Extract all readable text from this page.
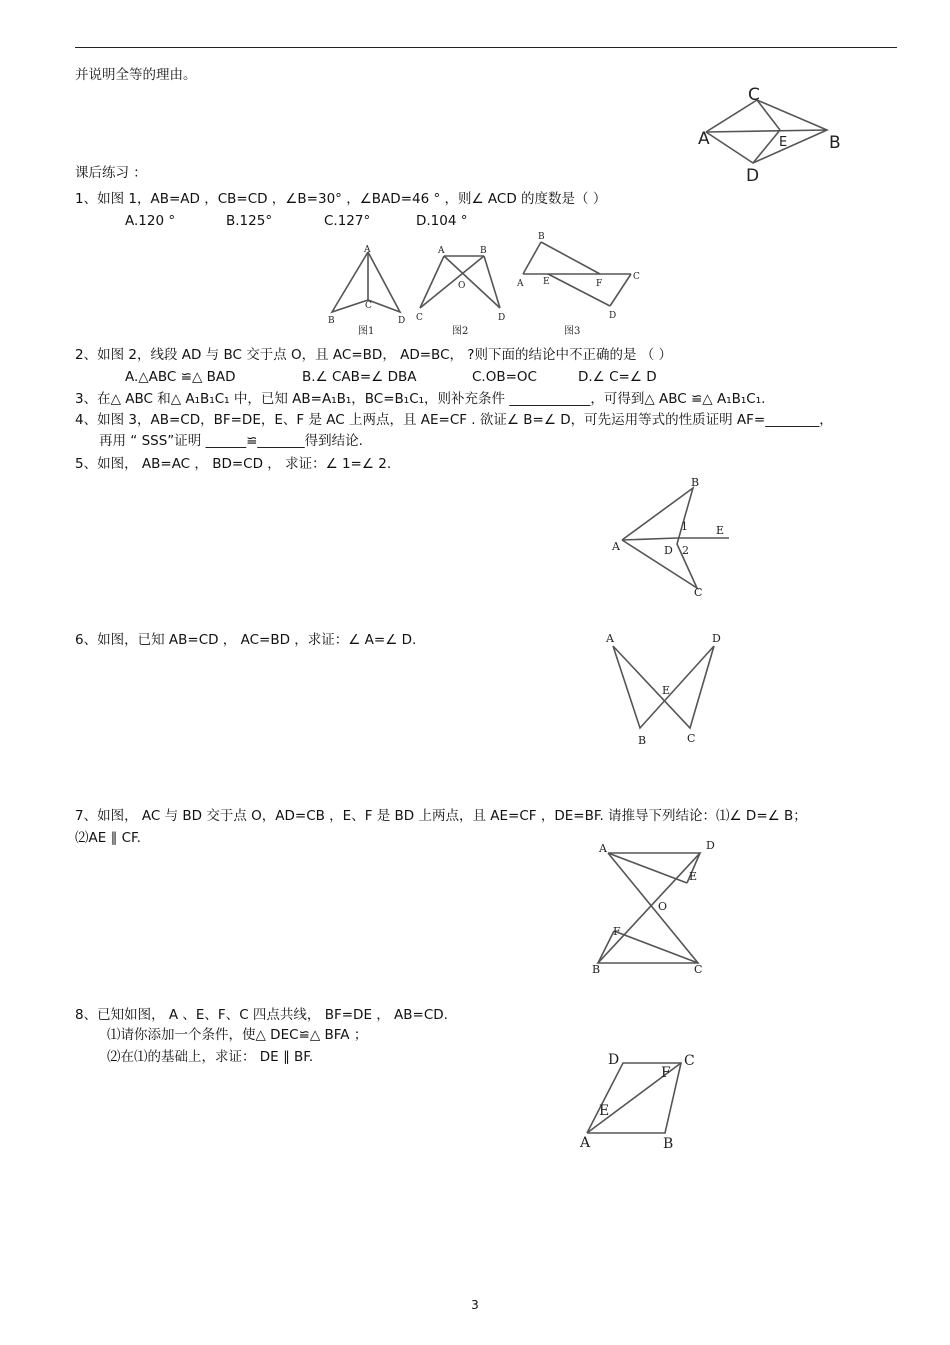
并说明全等的理由。
C
A	E B
D
课后练习 ：
1、如图 1，AB=AD ，CB=CD ，∠B=30° ，∠BAD=46 ° ，则∠ ACD 的度数是（ ）
A.120 °	B.125°	C.127°	D.104 °
A
B
C
D
图1
A	B
O
C	D
图2
B
A E	F
C
D
图3
2、如图 2，线段 AD 与 BC 交于点 O，且 AC=BD， AD=BC， ?则下面的结论中不正确的是 （ ）
A.△ABC ≌△ BAD	B.∠ CAB=∠ DBA	C.OB=OC	D.∠ C=∠ D
3、在△ ABC 和△ A₁B₁C₁ 中，已知 AB=A₁B₁，BC=B₁C₁，则补充条件 ____________，可得到△ ABC ≌△ A₁B₁C₁.
4、如图 3，AB=CD，BF=DE，E、F 是 AC 上两点，且 AE=CF . 欲证∠ B=∠ D，可先运用等式的性质证明 AF=________，
再用 “ SSS”证明 ______≌_______得到结论.
5、如图， AB=AC ， BD=CD ， 求证：∠ 1=∠ 2.
B
1	E
A	D 2
C
6、如图，已知 AB=CD ， AC=BD ，求证：∠ A=∠ D.	A	D
E
B	C
7、如图， AC 与 BD 交于点 O，AD=CB ，E、F 是 BD 上两点，且 AE=CF ，DE=BF. 请推导下列结论：⑴∠ D=∠ B；
⑵AE ∥ CF.
A	D
E
O
F
B	C
8、已知如图， A 、E、F、C 四点共线， BF=DE ， AB=CD.
⑴请你添加一个条件，使△ DEC≌△ BFA ；
⑵在⑴的基础上，求证： DE ∥ BF.	D	C
F
E
A	B
3
